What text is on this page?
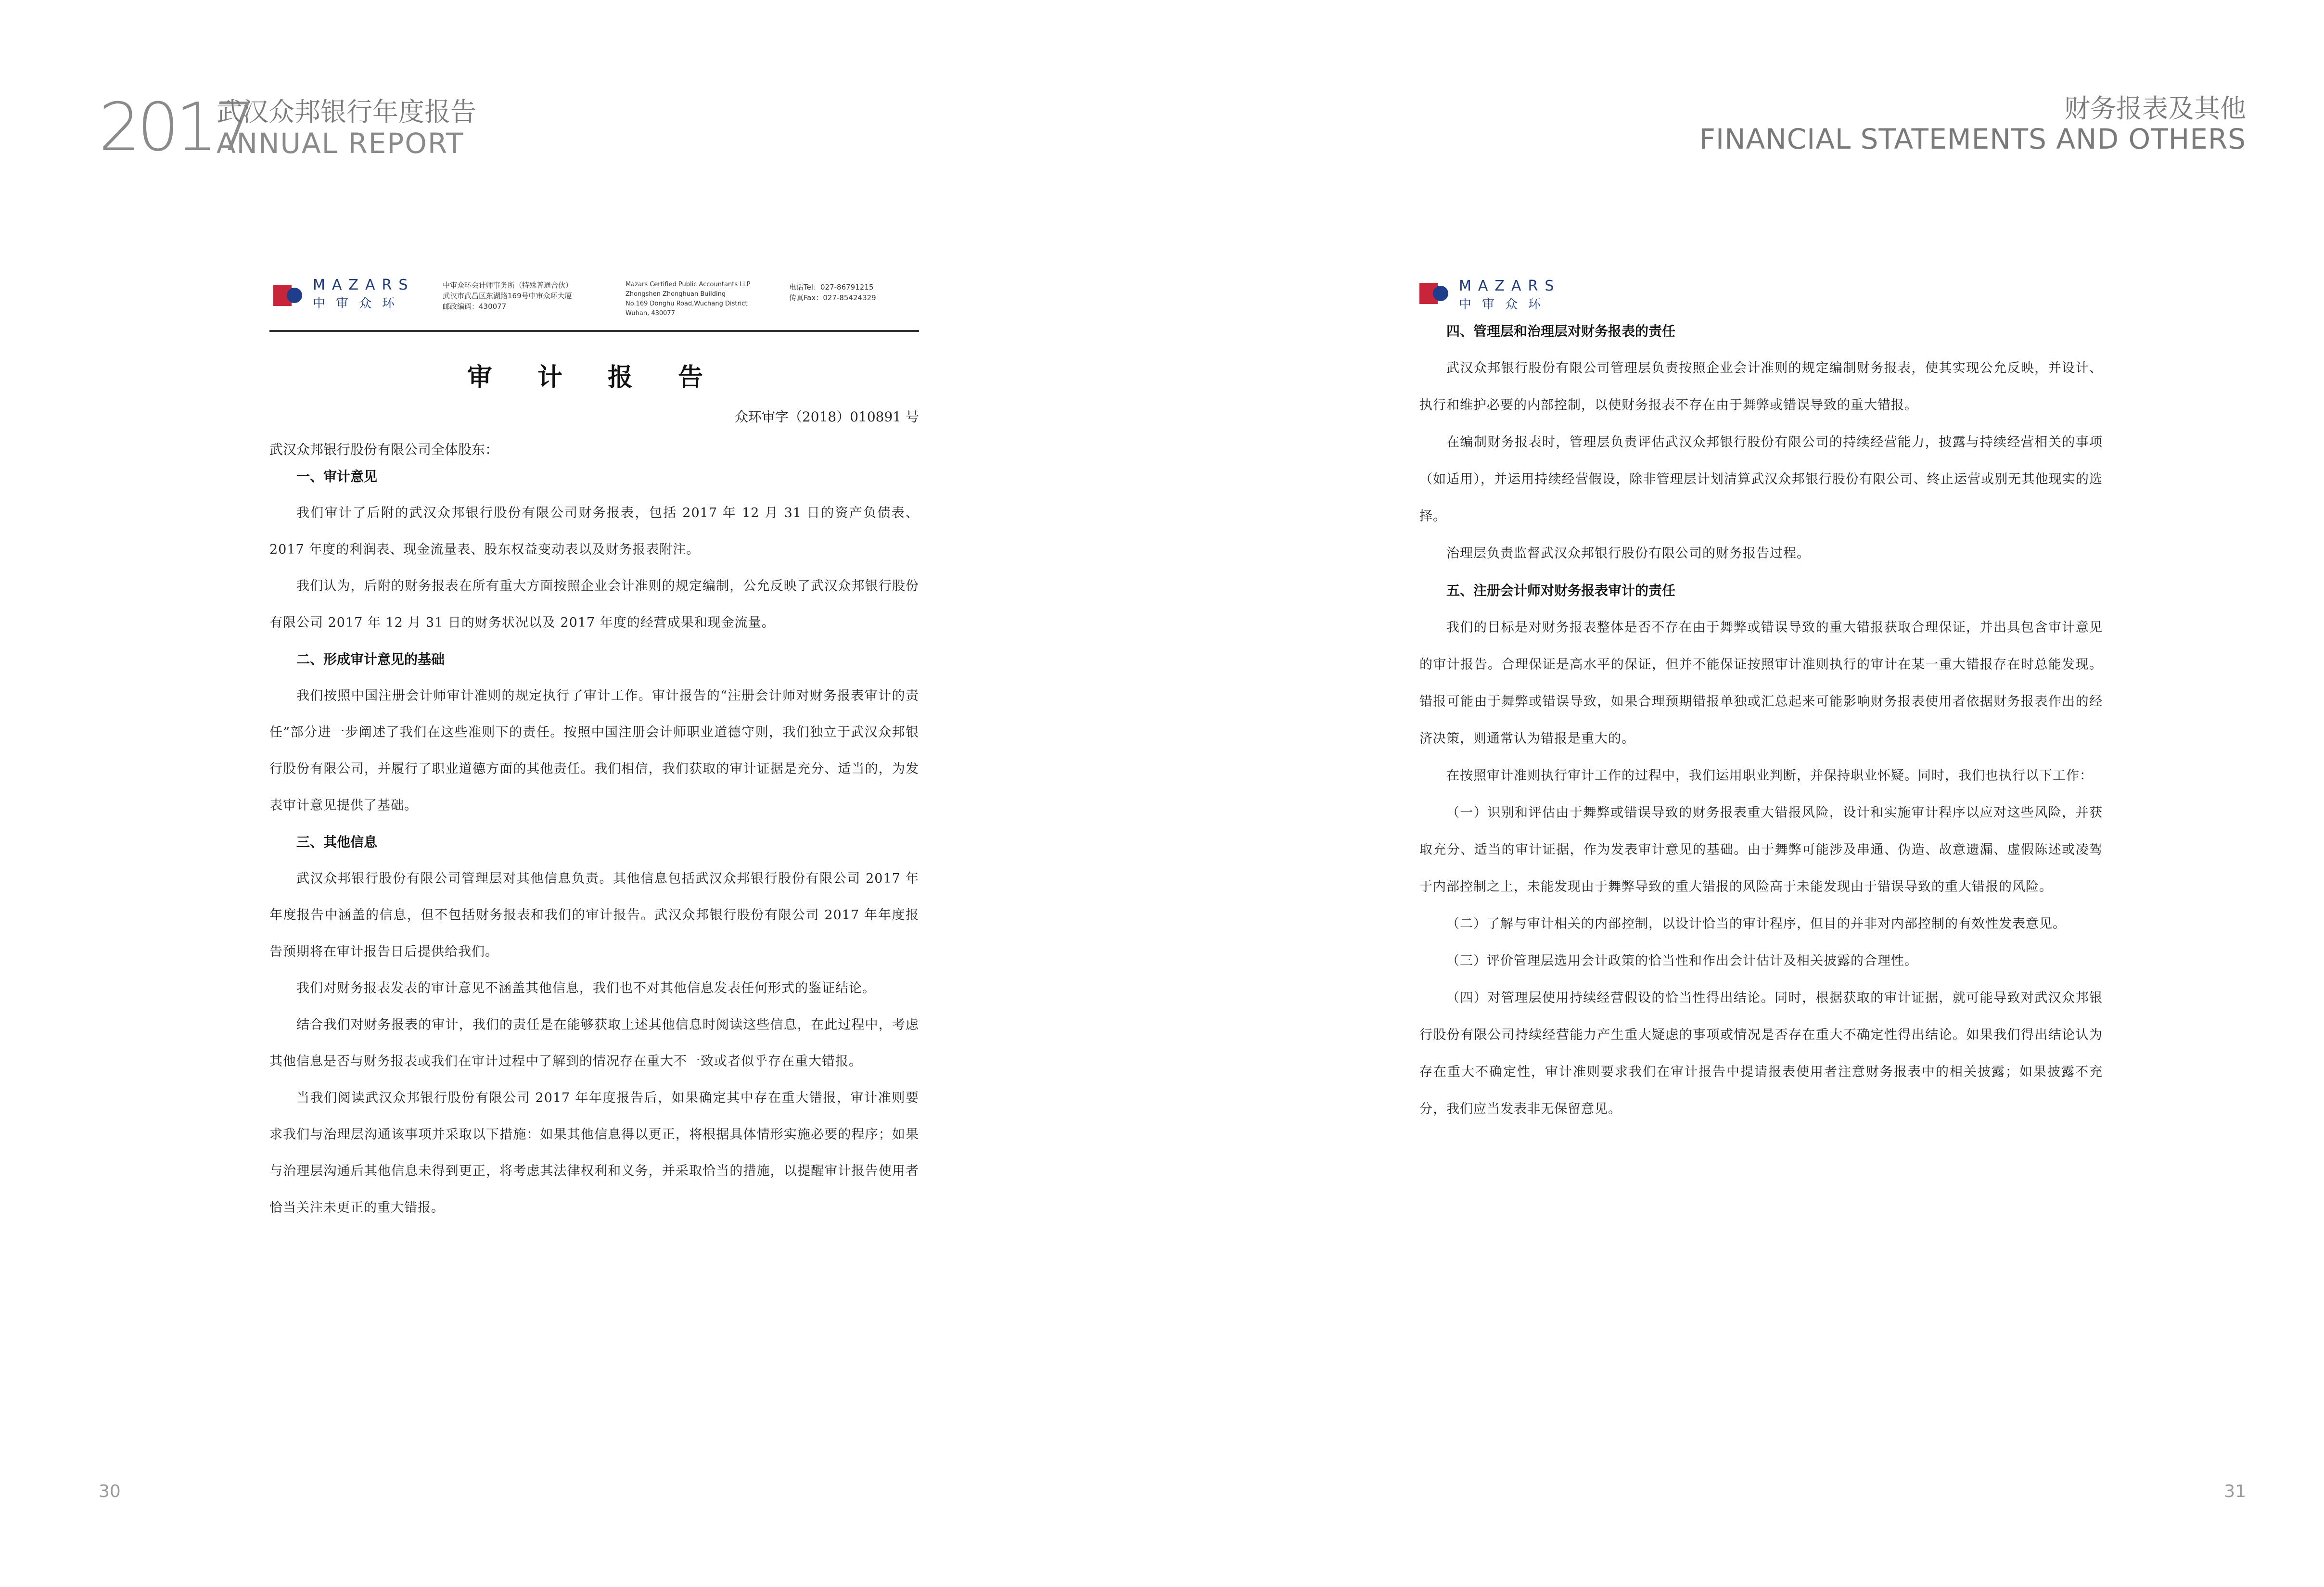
2017
武汉众邦银行年度报告
ANNUAL REPORT
财务报表及其他
FINANCIAL STATEMENTS AND OTHERS
MAZARS
中审众环
中审众环会计师事务所（特殊普通合伙）
武汉市武昌区东湖路169号中审众环大厦
邮政编码：430077
Mazars Certified Public Accountants LLP
Zhongshen Zhonghuan Building
No.169 Donghu Road,Wuchang District
Wuhan, 430077
电话Tel：027-86791215
传真Fax：027-85424329
审 计 报 告
众环审字（2018）010891 号
武汉众邦银行股份有限公司全体股东：
一、审计意见

我们审计了后附的武汉众邦银行股份有限公司财务报表，包括 2017 年 12 月 31 日的资产负债表、2017 年度的利润表、现金流量表、股东权益变动表以及财务报表附注。

我们认为，后附的财务报表在所有重大方面按照企业会计准则的规定编制，公允反映了武汉众邦银行股份有限公司 2017 年 12 月 31 日的财务状况以及 2017 年度的经营成果和现金流量。

二、形成审计意见的基础

我们按照中国注册会计师审计准则的规定执行了审计工作。审计报告的“注册会计师对财务报表审计的责任”部分进一步阐述了我们在这些准则下的责任。按照中国注册会计师职业道德守则，我们独立于武汉众邦银行股份有限公司，并履行了职业道德方面的其他责任。我们相信，我们获取的审计证据是充分、适当的，为发表审计意见提供了基础。

三、其他信息

武汉众邦银行股份有限公司管理层对其他信息负责。其他信息包括武汉众邦银行股份有限公司 2017 年年度报告中涵盖的信息，但不包括财务报表和我们的审计报告。武汉众邦银行股份有限公司 2017 年年度报告预期将在审计报告日后提供给我们。

我们对财务报表发表的审计意见不涵盖其他信息，我们也不对其他信息发表任何形式的鉴证结论。

结合我们对财务报表的审计，我们的责任是在能够获取上述其他信息时阅读这些信息，在此过程中，考虑其他信息是否与财务报表或我们在审计过程中了解到的情况存在重大不一致或者似乎存在重大错报。

当我们阅读武汉众邦银行股份有限公司 2017 年年度报告后，如果确定其中存在重大错报，审计准则要求我们与治理层沟通该事项并采取以下措施：如果其他信息得以更正，将根据具体情形实施必要的程序；如果与治理层沟通后其他信息未得到更正，将考虑其法律权利和义务，并采取恰当的措施，以提醒审计报告使用者恰当关注未更正的重大错报。

MAZARS
中审众环
四、管理层和治理层对财务报表的责任

武汉众邦银行股份有限公司管理层负责按照企业会计准则的规定编制财务报表，使其实现公允反映，并设计、执行和维护必要的内部控制，以使财务报表不存在由于舞弊或错误导致的重大错报。

在编制财务报表时，管理层负责评估武汉众邦银行股份有限公司的持续经营能力，披露与持续经营相关的事项（如适用），并运用持续经营假设，除非管理层计划清算武汉众邦银行股份有限公司、终止运营或别无其他现实的选择。

治理层负责监督武汉众邦银行股份有限公司的财务报告过程。

五、注册会计师对财务报表审计的责任

我们的目标是对财务报表整体是否不存在由于舞弊或错误导致的重大错报获取合理保证，并出具包含审计意见的审计报告。合理保证是高水平的保证，但并不能保证按照审计准则执行的审计在某一重大错报存在时总能发现。错报可能由于舞弊或错误导致，如果合理预期错报单独或汇总起来可能影响财务报表使用者依据财务报表作出的经济决策，则通常认为错报是重大的。

在按照审计准则执行审计工作的过程中，我们运用职业判断，并保持职业怀疑。同时，我们也执行以下工作：

（一）识别和评估由于舞弊或错误导致的财务报表重大错报风险，设计和实施审计程序以应对这些风险，并获取充分、适当的审计证据，作为发表审计意见的基础。由于舞弊可能涉及串通、伪造、故意遗漏、虚假陈述或凌驾于内部控制之上，未能发现由于舞弊导致的重大错报的风险高于未能发现由于错误导致的重大错报的风险。

（二）了解与审计相关的内部控制，以设计恰当的审计程序，但目的并非对内部控制的有效性发表意见。

（三）评价管理层选用会计政策的恰当性和作出会计估计及相关披露的合理性。

（四）对管理层使用持续经营假设的恰当性得出结论。同时，根据获取的审计证据，就可能导致对武汉众邦银行股份有限公司持续经营能力产生重大疑虑的事项或情况是否存在重大不确定性得出结论。如果我们得出结论认为存在重大不确定性，审计准则要求我们在审计报告中提请报表使用者注意财务报表中的相关披露；如果披露不充分，我们应当发表非无保留意见。

30	31
